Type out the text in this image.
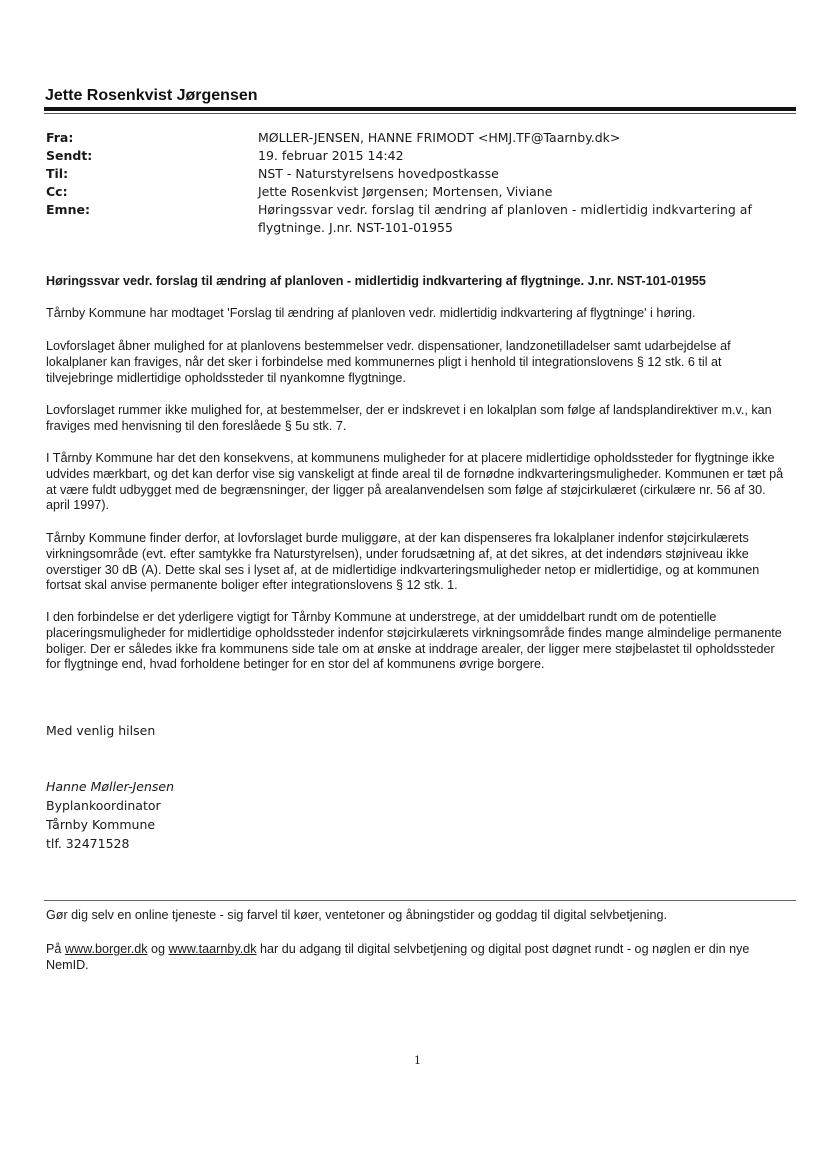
Jette Rosenkvist Jørgensen
Fra:	MØLLER-JENSEN, HANNE FRIMODT <HMJ.TF@Taarnby.dk>
Sendt:	19. februar 2015 14:42
Til:	NST - Naturstyrelsens hovedpostkasse
Cc:	Jette Rosenkvist Jørgensen; Mortensen, Viviane
Emne:	Høringssvar vedr. forslag til ændring af planloven - midlertidig indkvartering af flygtninge. J.nr. NST-101-01955
Høringssvar vedr. forslag til ændring af planloven - midlertidig indkvartering af flygtninge. J.nr. NST-101-01955

Tårnby Kommune har modtaget 'Forslag til ændring af planloven vedr. midlertidig indkvartering af flygtninge' i høring.

Lovforslaget åbner mulighed for at planlovens bestemmelser vedr. dispensationer, landzonetilladelser samt udarbejdelse af lokalplaner kan fraviges, når det sker i forbindelse med kommunernes pligt i henhold til integrationslovens § 12 stk. 6 til at tilvejebringe midlertidige opholdssteder til nyankomne flygtninge.

Lovforslaget rummer ikke mulighed for, at bestemmelser, der er indskrevet i en lokalplan som følge af landsplandirektiver m.v., kan fraviges med henvisning til den foreslåede § 5u stk. 7.

I Tårnby Kommune har det den konsekvens, at kommunens muligheder for at placere midlertidige opholdssteder for flygtninge ikke udvides mærkbart, og det kan derfor vise sig vanskeligt at finde areal til de fornødne indkvarteringsmuligheder. Kommunen er tæt på at være fuldt udbygget med de begrænsninger, der ligger på arealanvendelsen som følge af støjcirkulæret (cirkulære nr. 56 af 30. april 1997).

Tårnby Kommune finder derfor, at lovforslaget burde muliggøre, at der kan dispenseres fra lokalplaner indenfor støjcirkulærets virkningsområde (evt. efter samtykke fra Naturstyrelsen), under forudsætning af, at det sikres, at det indendørs støjniveau ikke overstiger 30 dB (A). Dette skal ses i lyset af, at de midlertidige indkvarteringsmuligheder netop er midlertidige, og at kommunen fortsat skal anvise permanente boliger efter integrationslovens § 12 stk. 1.

I den forbindelse er det yderligere vigtigt for Tårnby Kommune at understrege, at der umiddelbart rundt om de potentielle placeringsmuligheder for midlertidige opholdssteder indenfor støjcirkulærets virkningsområde findes mange almindelige permanente boliger. Der er således ikke fra kommunens side tale om at ønske at inddrage arealer, der ligger mere støjbelastet til opholdssteder for flygtninge end, hvad forholdene betinger for en stor del af kommunens øvrige borgere.

Med venlig hilsen
Hanne Møller-Jensen
Byplankoordinator
Tårnby Kommune
tlf. 32471528
Gør dig selv en online tjeneste - sig farvel til køer, ventetoner og åbningstider og goddag til digital selvbetjening.
På www.borger.dk og www.taarnby.dk har du adgang til digital selvbetjening og digital post døgnet rundt - og nøglen er din nye NemID.
1
